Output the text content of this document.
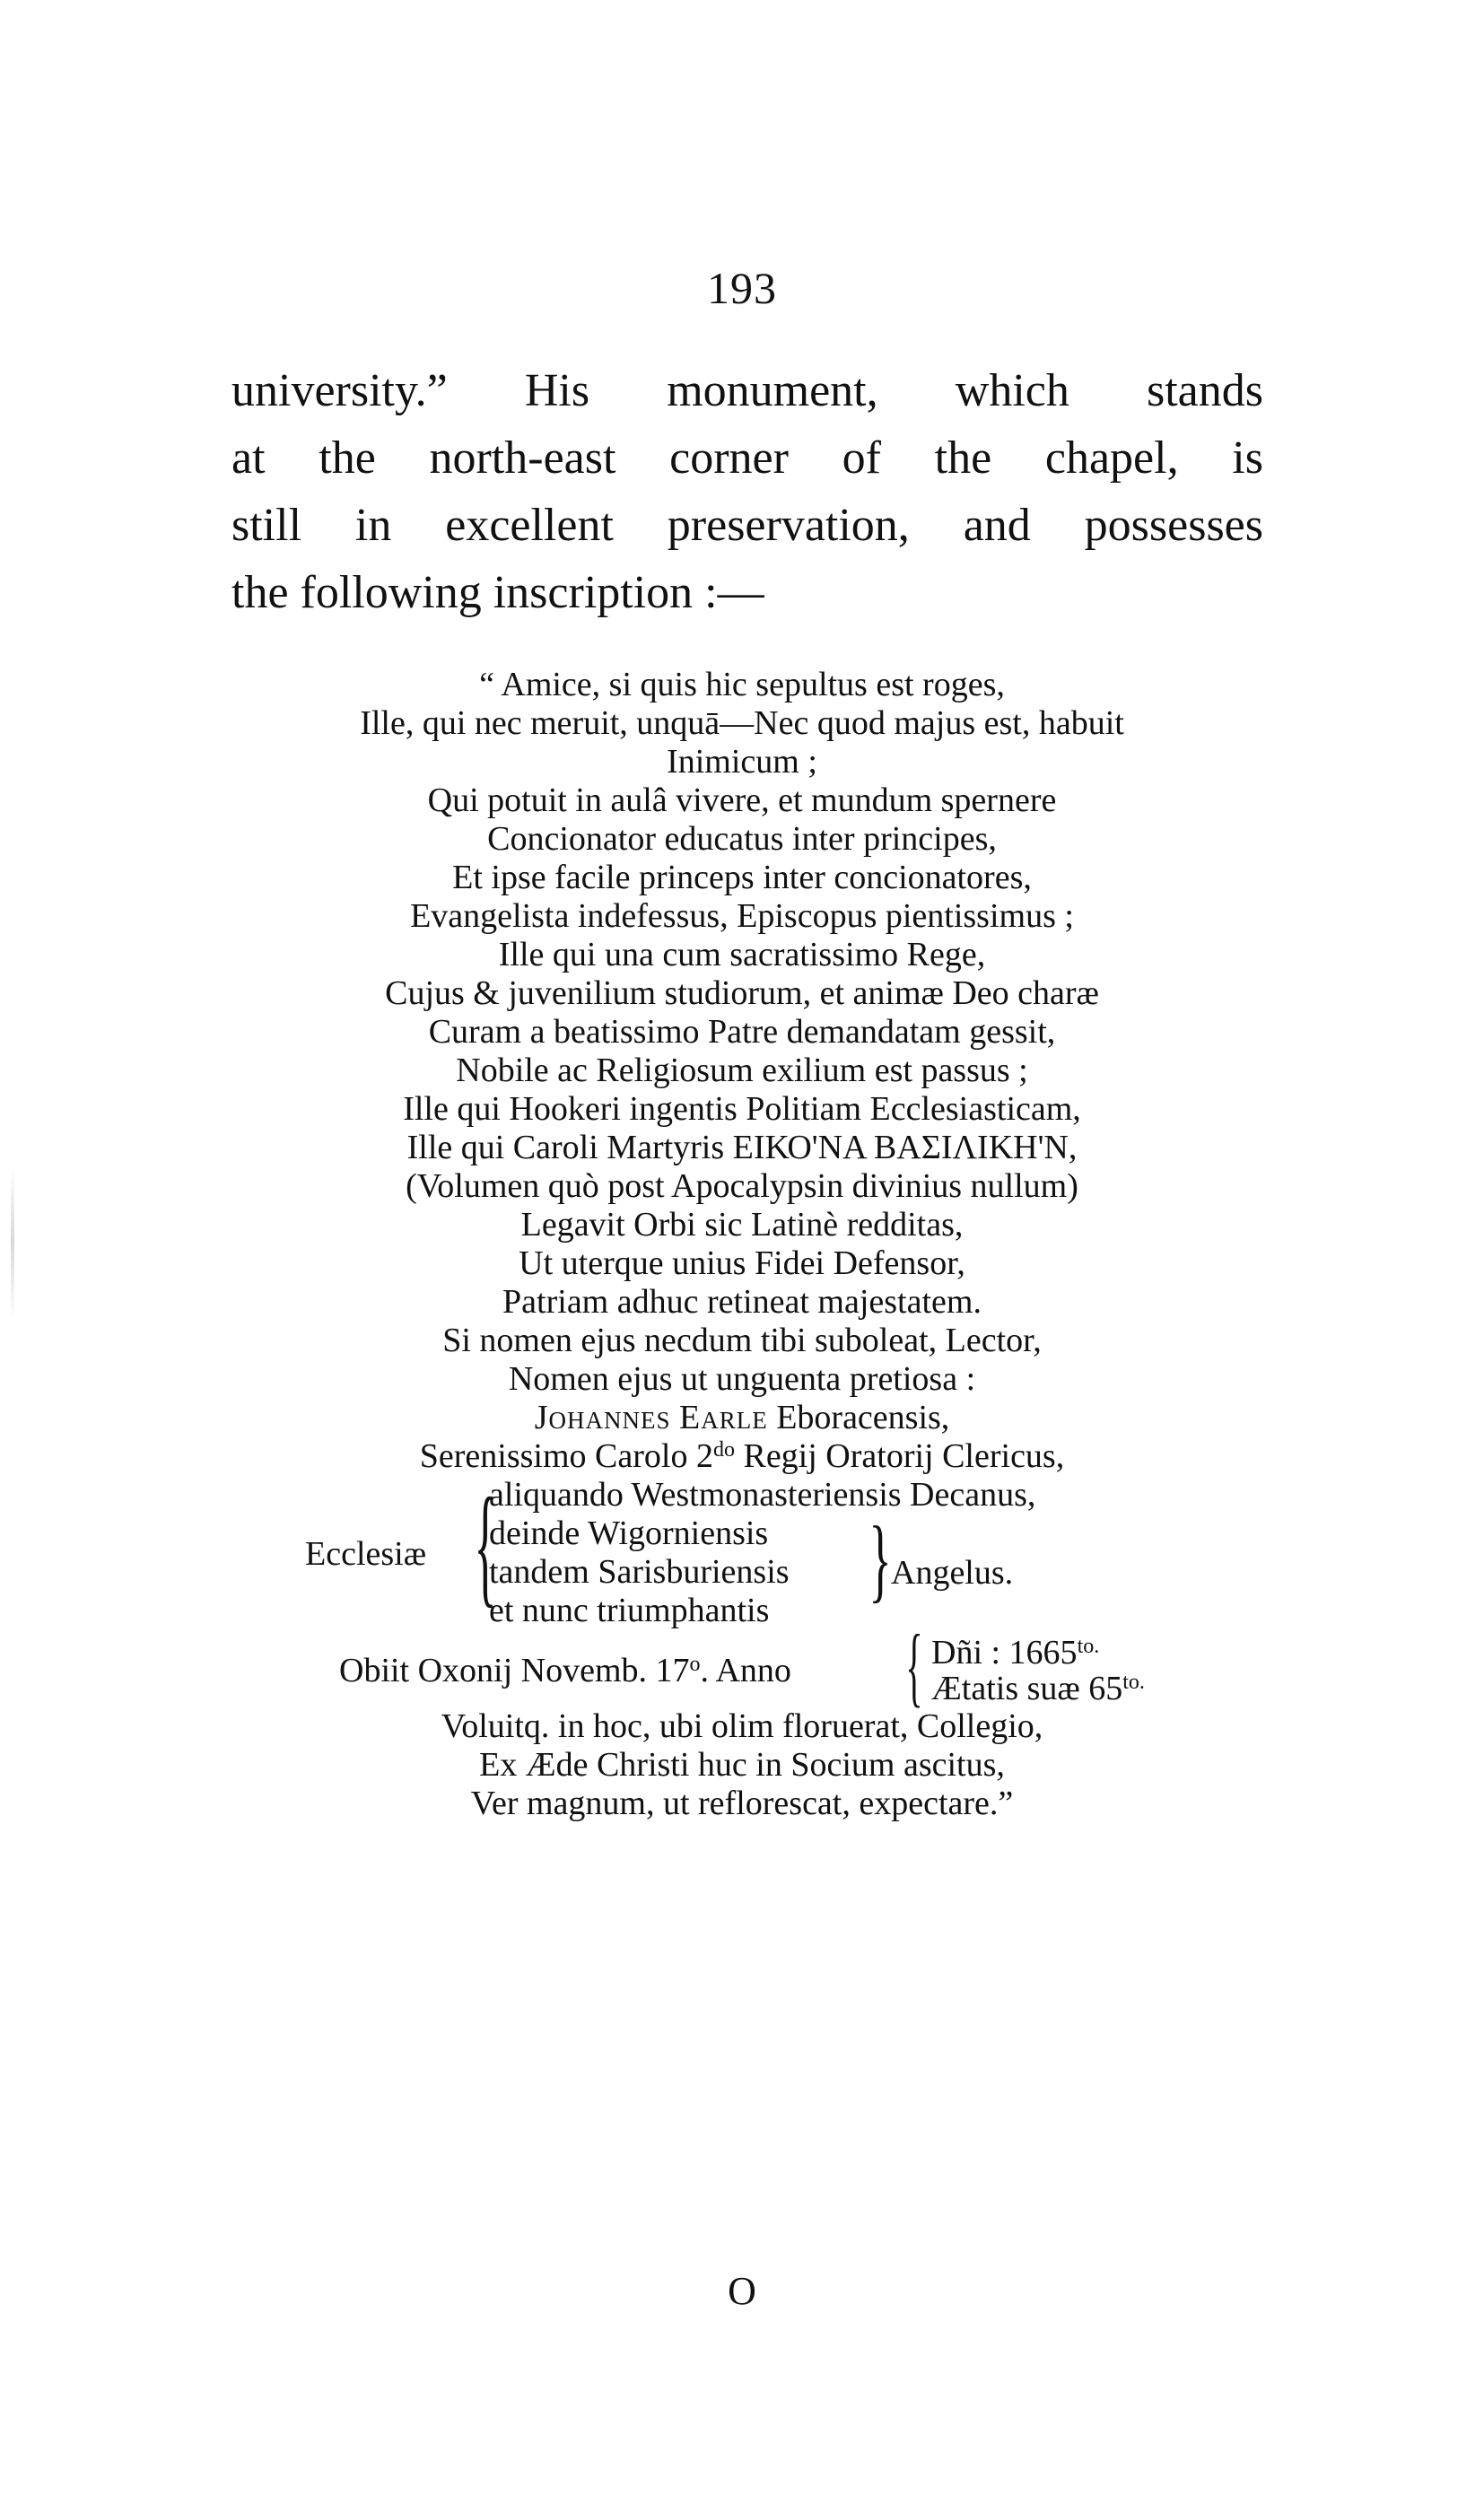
193
university.” His monument, which stands
at the north-east corner of the chapel, is
still in excellent preservation, and possesses
the following inscription :—
“ Amice, si quis hic sepultus est roges,
Ille, qui nec meruit, unquā—Nec quod majus est, habuit
Inimicum ;
Qui potuit in aulâ vivere, et mundum spernere
Concionator educatus inter principes,
Et ipse facile princeps inter concionatores,
Evangelista indefessus, Episcopus pientissimus ;
Ille qui una cum sacratissimo Rege,
Cujus & juvenilium studiorum, et animæ Deo charæ
Curam a beatissimo Patre demandatam gessit,
Nobile ac Religiosum exilium est passus ;
Ille qui Hookeri ingentis Politiam Ecclesiasticam,
Ille qui Caroli Martyris ΕΙΚΟ'ΝΑ ΒΑΣΙΛΙΚΗ'Ν,
(Volumen quò post Apocalypsin divinius nullum)
Legavit Orbi sic Latinè redditas,
Ut uterque unius Fidei Defensor,
Patriam adhuc retineat majestatem.
Si nomen ejus necdum tibi suboleat, Lector,
Nomen ejus ut unguenta pretiosa :
Johannes Earle Eboracensis,
Serenissimo Carolo $2^{do}$ Regij Oratorij Clericus,
Ecclesiæ {
aliquando Westmonasteriensis Decanus,
deinde Wigorniensis
tandem Sarisburiensis
et nunc triumphantis } Angelus.
Obiit Oxonij Novemb. 17$^o$. Anno { Dñi : $1665^{to.}$
Ætatis suæ $65^{to.}$
Voluitq. in hoc, ubi olim floruerat, Collegio,
Ex Æde Christi huc in Socium ascitus,
Ver magnum, ut reflorescat, expectare.”
O
